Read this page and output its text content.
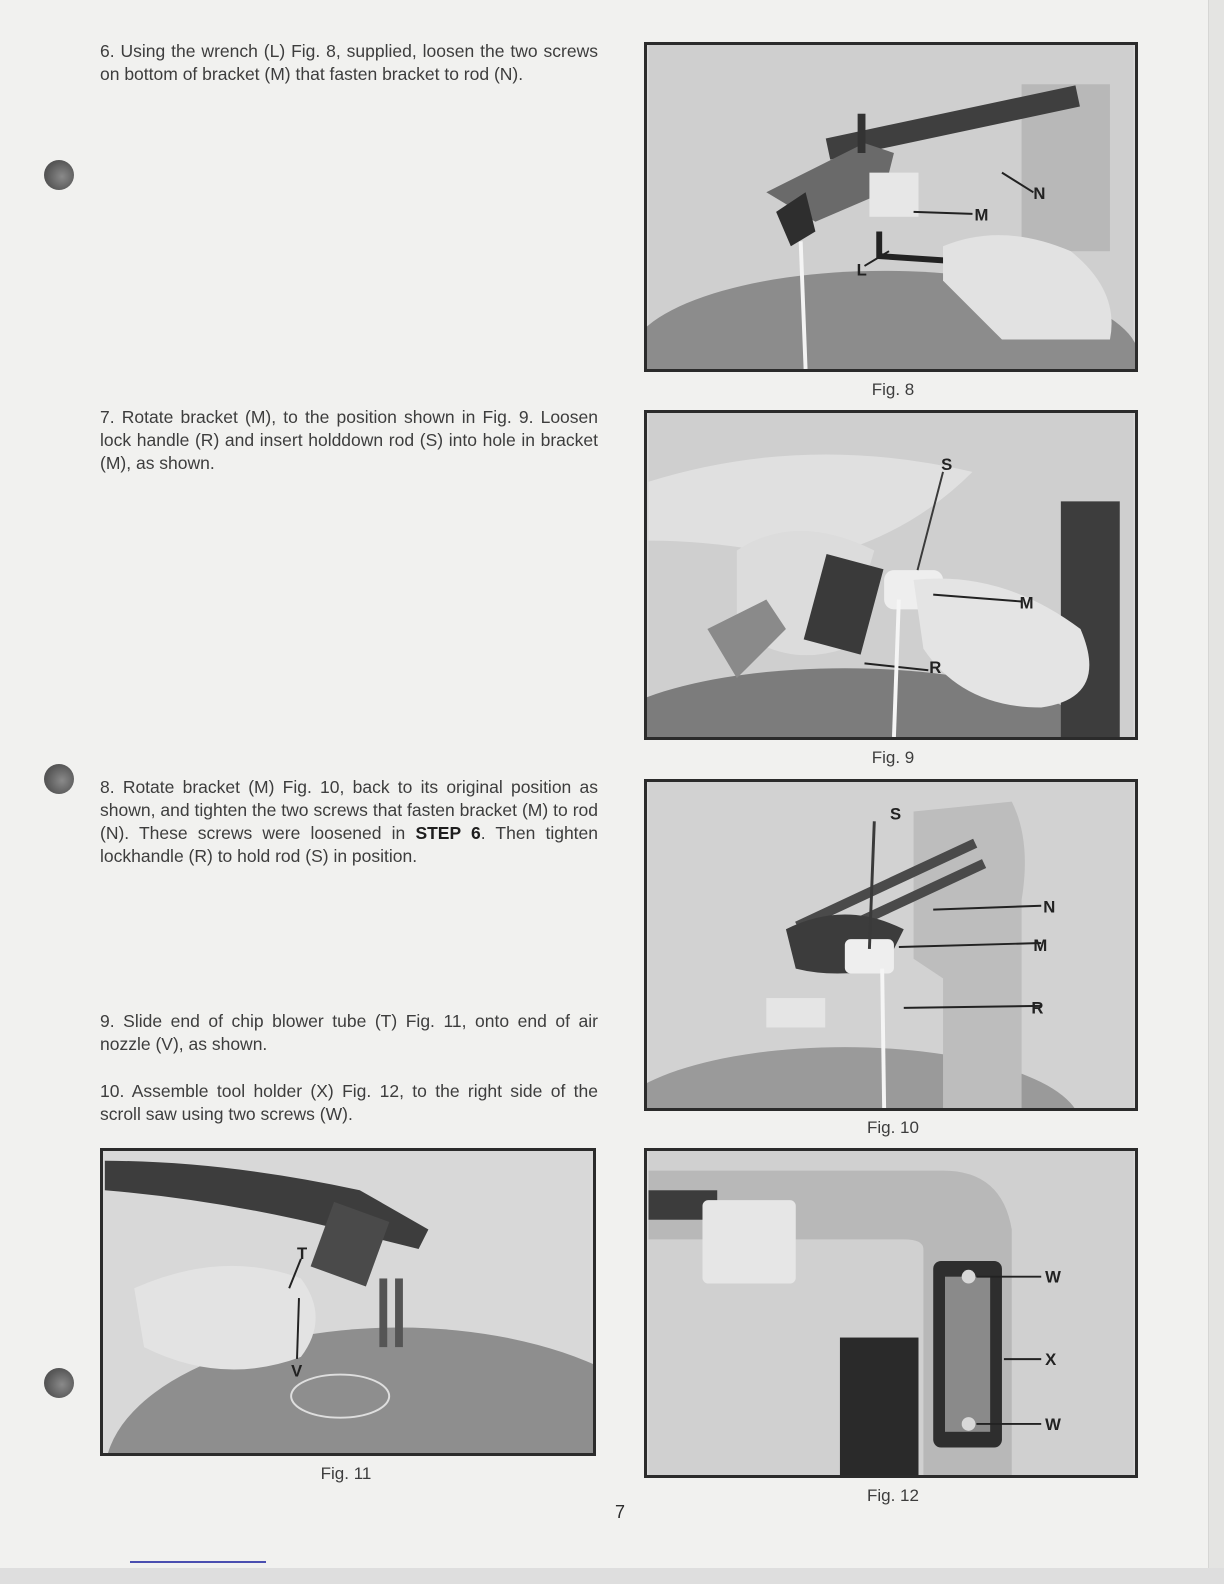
6. Using the wrench (L) Fig. 8, supplied, loosen the two screws on bottom of bracket (M) that fasten bracket to rod (N).
7. Rotate bracket (M), to the position shown in Fig. 9. Loosen lock handle (R) and insert holddown rod (S) into hole in bracket (M), as shown.
8. Rotate bracket (M) Fig. 10, back to its original position as shown, and tighten the two screws that fasten bracket (M) to rod (N). These screws were loosened in STEP 6. Then tighten lockhandle (R) to hold rod (S) in position.
9. Slide end of chip blower tube (T) Fig. 11, onto end of air nozzle (V), as shown.
10. Assemble tool holder (X) Fig. 12, to the right side of the scroll saw using two screws (W).
N
M
L
Fig. 8
S
M
R
Fig. 9
S
N
M
R
Fig. 10
T
V
Fig. 11
W
X
W
Fig. 12
7
